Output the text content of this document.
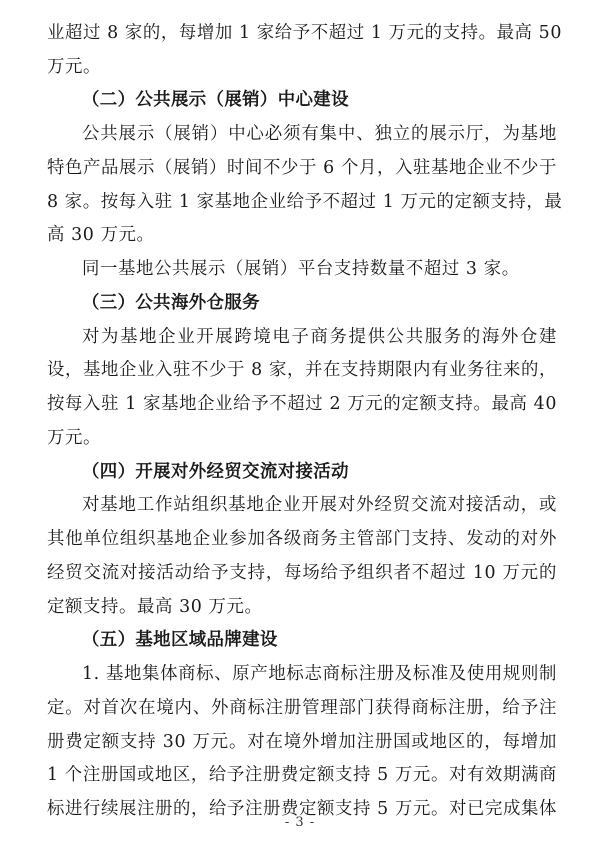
业超过 8 家的，每增加 1 家给予不超过 1 万元的支持。最高 50
万元。
（二）公共展示（展销）中心建设
公共展示（展销）中心必须有集中、独立的展示厅，为基地
特色产品展示（展销）时间不少于 6 个月，入驻基地企业不少于
8 家。按每入驻 1 家基地企业给予不超过 1 万元的定额支持，最
高 30 万元。
同一基地公共展示（展销）平台支持数量不超过 3 家。
（三）公共海外仓服务
对为基地企业开展跨境电子商务提供公共服务的海外仓建
设，基地企业入驻不少于 8 家，并在支持期限内有业务往来的，
按每入驻 1 家基地企业给予不超过 2 万元的定额支持。最高 40
万元。
（四）开展对外经贸交流对接活动
对基地工作站组织基地企业开展对外经贸交流对接活动，或
其他单位组织基地企业参加各级商务主管部门支持、发动的对外
经贸交流对接活动给予支持，每场给予组织者不超过 10 万元的
定额支持。最高 30 万元。
（五）基地区域品牌建设
1. 基地集体商标、原产地标志商标注册及标准及使用规则制
定。对首次在境内、外商标注册管理部门获得商标注册，给予注
册费定额支持 30 万元。对在境外增加注册国或地区的，每增加
1 个注册国或地区，给予注册费定额支持 5 万元。对有效期满商
标进行续展注册的，给予注册费定额支持 5 万元。对已完成集体
- 3 -
